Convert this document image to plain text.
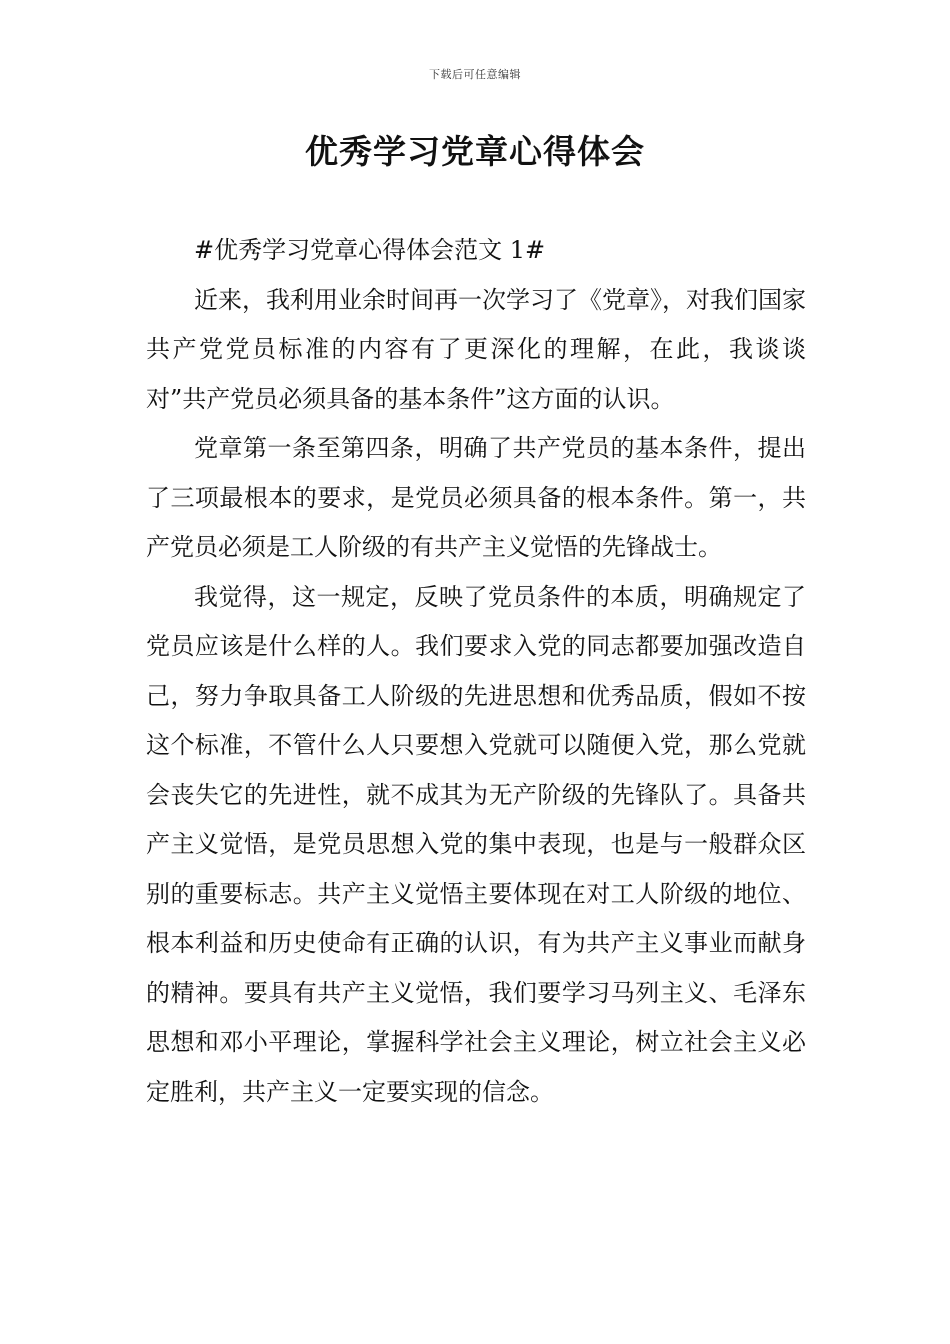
下载后可任意编辑
优秀学习党章心得体会

#优秀学习党章心得体会范文 1#

近来，我利用业余时间再一次学习了《党章》，对我们国家共产党党员标准的内容有了更深化的理解，在此，我谈谈对”共产党员必须具备的基本条件”这方面的认识。

党章第一条至第四条，明确了共产党员的基本条件，提出了三项最根本的要求，是党员必须具备的根本条件。第一，共产党员必须是工人阶级的有共产主义觉悟的先锋战士。

我觉得，这一规定，反映了党员条件的本质，明确规定了党员应该是什么样的人。我们要求入党的同志都要加强改造自己，努力争取具备工人阶级的先进思想和优秀品质，假如不按这个标准，不管什么人只要想入党就可以随便入党，那么党就会丧失它的先进性，就不成其为无产阶级的先锋队了。具备共产主义觉悟，是党员思想入党的集中表现，也是与一般群众区别的重要标志。共产主义觉悟主要体现在对工人阶级的地位、根本利益和历史使命有正确的认识，有为共产主义事业而献身的精神。要具有共产主义觉悟，我们要学习马列主义、毛泽东思想和邓小平理论，掌握科学社会主义理论，树立社会主义必定胜利，共产主义一定要实现的信念。
